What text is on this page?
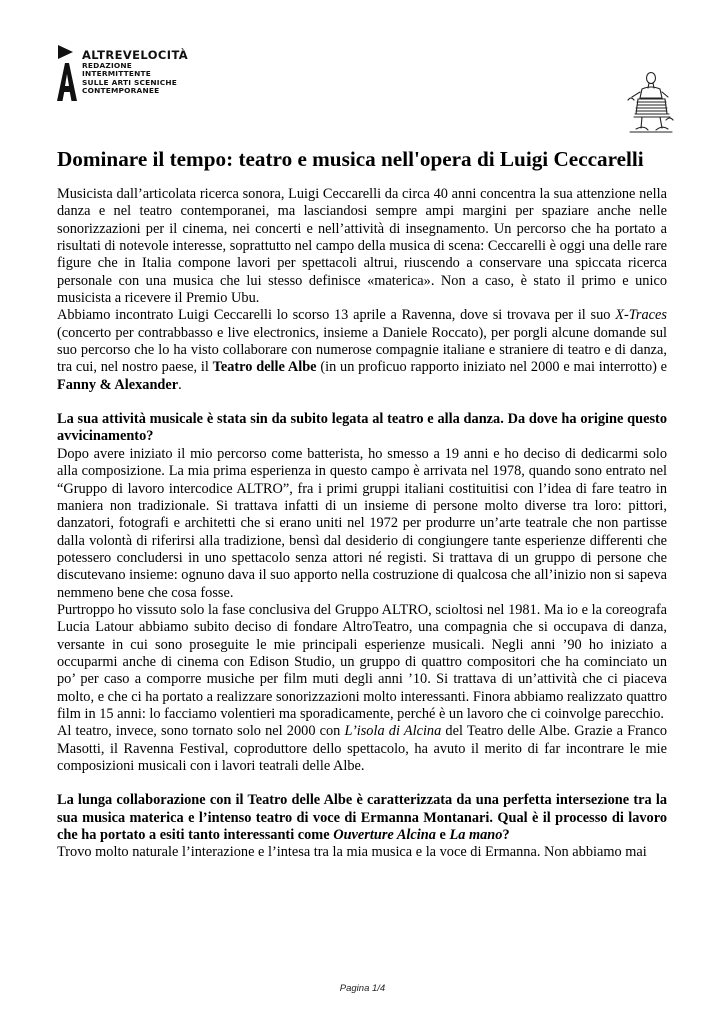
ALTREVELOCITÀ
REDAZIONE
INTERMITTENTE
SULLE ARTI SCENICHE
CONTEMPORANEE
Dominare il tempo: teatro e musica nell'opera di Luigi Ceccarelli

Musicista dall’articolata ricerca sonora, Luigi Ceccarelli da circa 40 anni concentra la sua attenzione nella danza e nel teatro contemporanei, ma lasciandosi sempre ampi margini per spaziare anche nelle sonorizzazioni per il cinema, nei concerti e nell’attività di insegnamento. Un percorso che ha portato a risultati di notevole interesse, soprattutto nel campo della musica di scena: Ceccarelli è oggi una delle rare figure che in Italia compone lavori per spettacoli altrui, riuscendo a conservare una spiccata ricerca personale con una musica che lui stesso definisce «materica». Non a caso, è stato il primo e unico musicista a ricevere il Premio Ubu.

Abbiamo incontrato Luigi Ceccarelli lo scorso 13 aprile a Ravenna, dove si trovava per il suo X-Traces (concerto per contrabbasso e live electronics, insieme a Daniele Roccato), per porgli alcune domande sul suo percorso che lo ha visto collaborare con numerose compagnie italiane e straniere di teatro e di danza, tra cui, nel nostro paese, il Teatro delle Albe (in un proficuo rapporto iniziato nel 2000 e mai interrotto) e Fanny & Alexander.

La sua attività musicale è stata sin da subito legata al teatro e alla danza. Da dove ha origine questo avvicinamento?

Dopo avere iniziato il mio percorso come batterista, ho smesso a 19 anni e ho deciso di dedicarmi solo alla composizione. La mia prima esperienza in questo campo è arrivata nel 1978, quando sono entrato nel “Gruppo di lavoro intercodice ALTRO”, fra i primi gruppi italiani costituitisi con l’idea di fare teatro in maniera non tradizionale. Si trattava infatti di un insieme di persone molto diverse tra loro: pittori, danzatori, fotografi e architetti che si erano uniti nel 1972 per produrre un’arte teatrale che non partisse dalla volontà di riferirsi alla tradizione, bensì dal desiderio di congiungere tante esperienze differenti che potessero concludersi in uno spettacolo senza attori né registi. Si trattava di un gruppo di persone che discutevano insieme: ognuno dava il suo apporto nella costruzione di qualcosa che all’inizio non si sapeva nemmeno bene che cosa fosse.

Purtroppo ho vissuto solo la fase conclusiva del Gruppo ALTRO, scioltosi nel 1981. Ma io e la coreografa Lucia Latour abbiamo subito deciso di fondare AltroTeatro, una compagnia che si occupava di danza, versante in cui sono proseguite le mie principali esperienze musicali. Negli anni ’90 ho iniziato a occuparmi anche di cinema con Edison Studio, un gruppo di quattro compositori che ha cominciato un po’ per caso a comporre musiche per film muti degli anni ’10. Si trattava di un’attività che ci piaceva molto, e che ci ha portato a realizzare sonorizzazioni molto interessanti. Finora abbiamo realizzato quattro film in 15 anni: lo facciamo volentieri ma sporadicamente, perché è un lavoro che ci coinvolge parecchio.

Al teatro, invece, sono tornato solo nel 2000 con L’isola di Alcina del Teatro delle Albe. Grazie a Franco Masotti, il Ravenna Festival, coproduttore dello spettacolo, ha avuto il merito di far incontrare le mie composizioni musicali con i lavori teatrali delle Albe.

La lunga collaborazione con il Teatro delle Albe è caratterizzata da una perfetta intersezione tra la sua musica materica e l’intenso teatro di voce di Ermanna Montanari. Qual è il processo di lavoro che ha portato a esiti tanto interessanti come Ouverture Alcina e La mano?

Trovo molto naturale l’interazione e l’intesa tra la mia musica e la voce di Ermanna. Non abbiamo mai

Pagina 1/4
